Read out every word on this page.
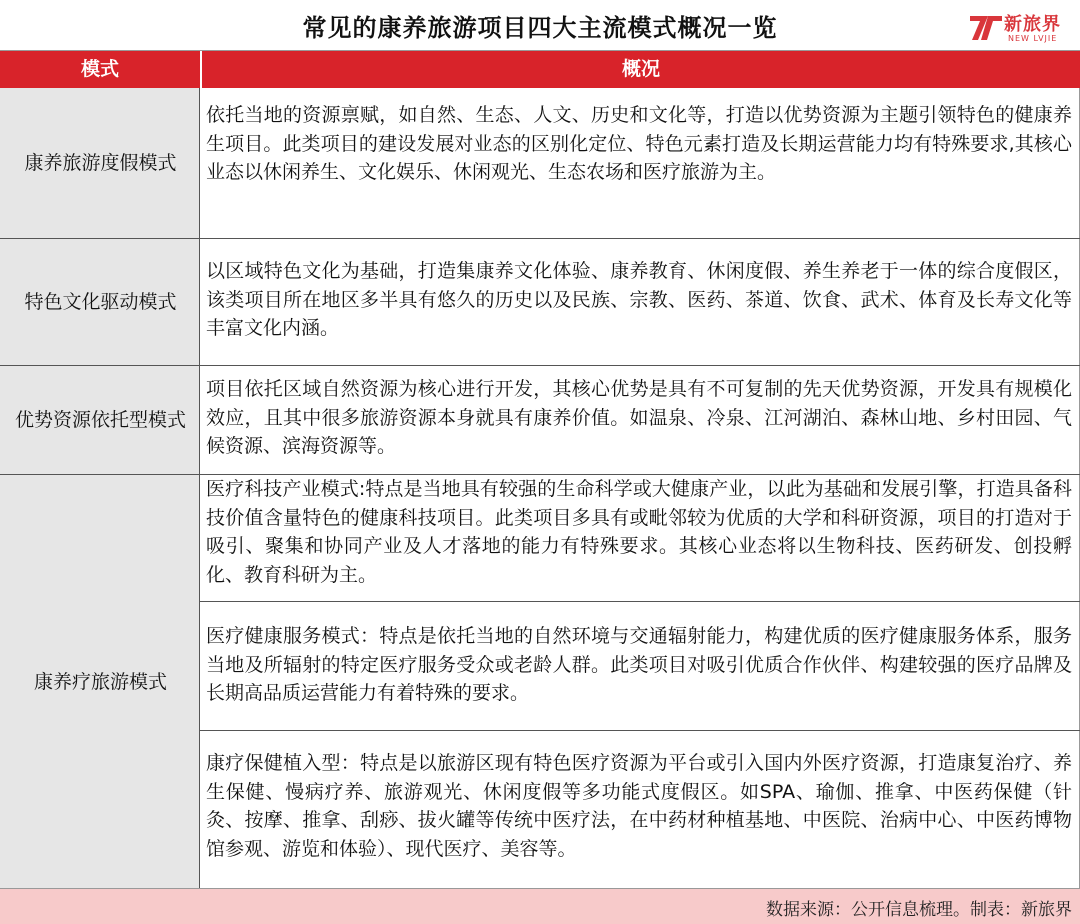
常见的康养旅游项目四大主流模式概况一览	新旅界
NEW LVJIE
模式	概况
康养旅游度假模式
依托当地的资源禀赋，如自然、生态、人文、历史和文化等，打造以优势资源为主题引领特色的健康养生项目。此类项目的建设发展对业态的区别化定位、特色元素打造及长期运营能力均有特殊要求,其核心业态以休闲养生、文化娱乐、休闲观光、生态农场和医疗旅游为主。
特色文化驱动模式
以区域特色文化为基础，打造集康养文化体验、康养教育、休闲度假、养生养老于一体的综合度假区，该类项目所在地区多半具有悠久的历史以及民族、宗教、医药、茶道、饮食、武术、体育及长寿文化等丰富文化内涵。
优势资源依托型模式
项目依托区域自然资源为核心进行开发，其核心优势是具有不可复制的先天优势资源，开发具有规模化效应，且其中很多旅游资源本身就具有康养价值。如温泉、冷泉、江河湖泊、森林山地、乡村田园、气候资源、滨海资源等。
康养疗旅游模式
医疗科技产业模式:特点是当地具有较强的生命科学或大健康产业，以此为基础和发展引擎，打造具备科技价值含量特色的健康科技项目。此类项目多具有或毗邻较为优质的大学和科研资源，项目的打造对于吸引、聚集和协同产业及人才落地的能力有特殊要求。其核心业态将以生物科技、医药研发、创投孵化、教育科研为主。
医疗健康服务模式：特点是依托当地的自然环境与交通辐射能力，构建优质的医疗健康服务体系，服务当地及所辐射的特定医疗服务受众或老龄人群。此类项目对吸引优质合作伙伴、构建较强的医疗品牌及长期高品质运营能力有着特殊的要求。
康疗保健植入型：特点是以旅游区现有特色医疗资源为平台或引入国内外医疗资源，打造康复治疗、养生保健、慢病疗养、旅游观光、休闲度假等多功能式度假区。如SPA、瑜伽、推拿、中医药保健（针灸、按摩、推拿、刮痧、拔火罐等传统中医疗法，在中药材种植基地、中医院、治病中心、中医药博物馆参观、游览和体验）、现代医疗、美容等。
数据来源：公开信息梳理。制表：新旅界
